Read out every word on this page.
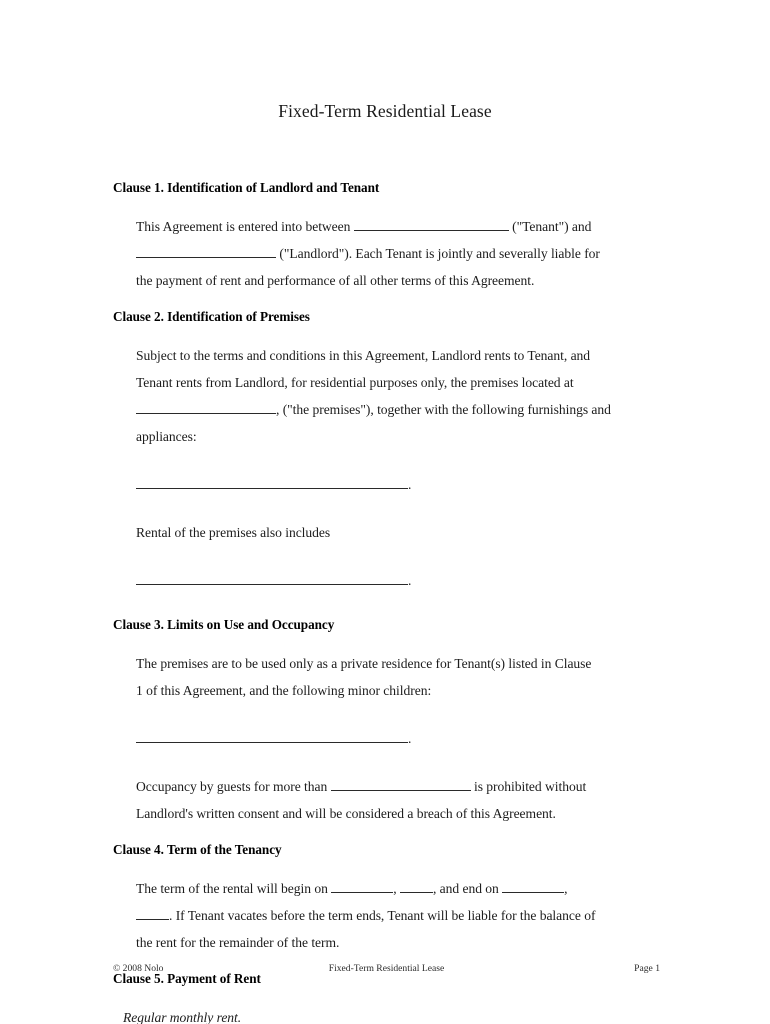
Fixed-Term Residential Lease
Clause 1. Identification of Landlord and Tenant
This Agreement is entered into between	("Tenant") and
("Landlord"). Each Tenant is jointly and severally liable for
the payment of rent and performance of all other terms of this Agreement.
Clause 2. Identification of Premises
Subject to the terms and conditions in this Agreement, Landlord rents to Tenant, and
Tenant rents from Landlord, for residential purposes only, the premises located at
, ("the premises"), together with the following furnishings and
appliances:
.
Rental of the premises also includes
.
Clause 3. Limits on Use and Occupancy
The premises are to be used only as a private residence for Tenant(s) listed in Clause
1 of this Agreement, and the following minor children:
.
Occupancy by guests for more than	is prohibited without
Landlord's written consent and will be considered a breach of this Agreement.
Clause 4. Term of the Tenancy
The term of the rental will begin on	,	, and end on	,
. If Tenant vacates before the term ends, Tenant will be liable for the balance of
the rent for the remainder of the term.
Clause 5. Payment of Rent
Regular monthly rent.
© 2008 Nolo	Fixed-Term Residential Lease	Page 1
